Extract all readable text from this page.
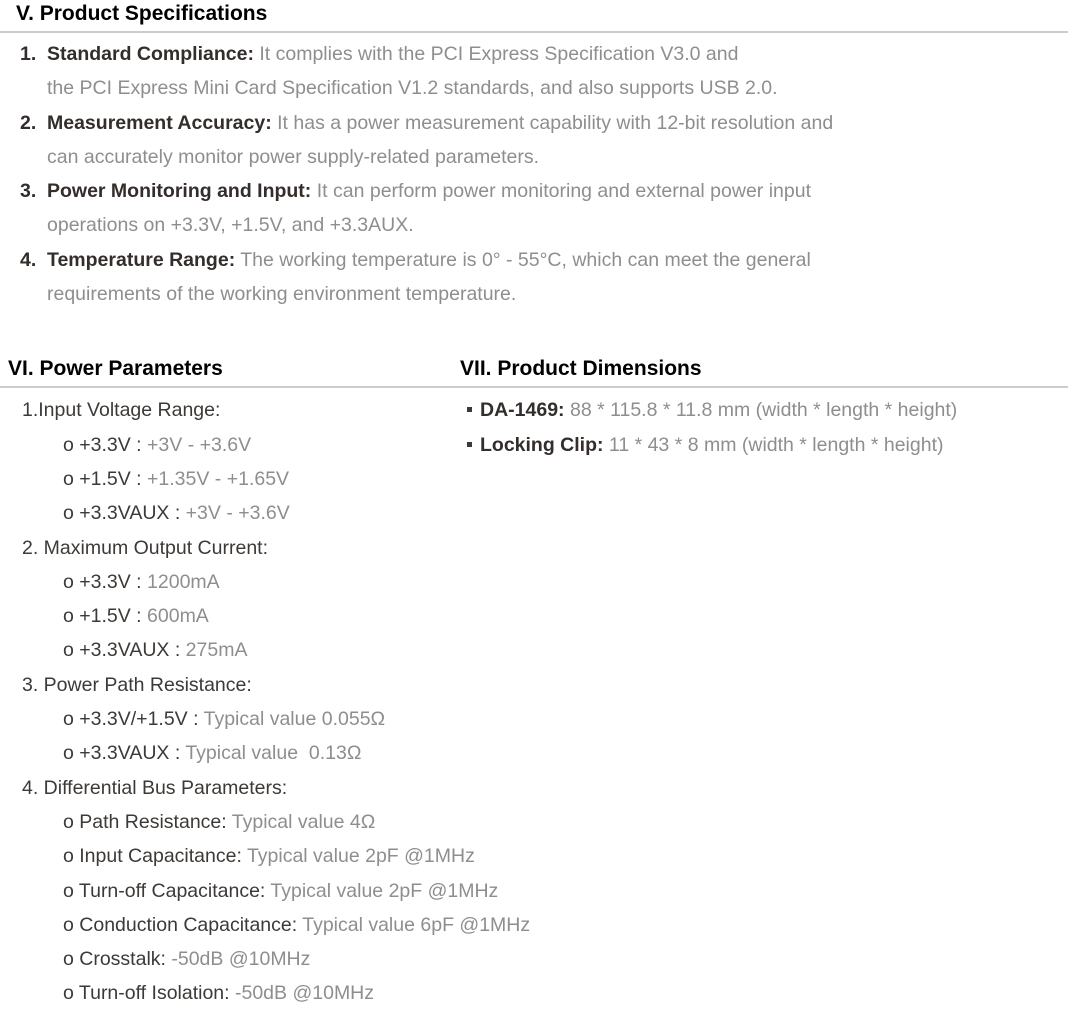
V. Product Specifications
1. Standard Compliance: It complies with the PCI Express Specification V3.0 and
the PCI Express Mini Card Specification V1.2 standards, and also supports USB 2.0.
2. Measurement Accuracy: It has a power measurement capability with 12-bit resolution and
can accurately monitor power supply-related parameters.
3. Power Monitoring and Input: It can perform power monitoring and external power input
operations on +3.3V, +1.5V, and +3.3AUX.
4. Temperature Range: The working temperature is 0° - 55°C, which can meet the general
requirements of the working environment temperature.
VI. Power Parameters	VII. Product Dimensions
1.Input Voltage Range:
o +3.3V : +3V - +3.6V
o +1.5V : +1.35V - +1.65V
o +3.3VAUX : +3V - +3.6V
2. Maximum Output Current:
o +3.3V : 1200mA
o +1.5V : 600mA
o +3.3VAUX : 275mA
3. Power Path Resistance:
o +3.3V/+1.5V : Typical value 0.055Ω
o +3.3VAUX : Typical value  0.13Ω
4. Differential Bus Parameters:
o Path Resistance: Typical value 4Ω
o Input Capacitance: Typical value 2pF @1MHz
o Turn-off Capacitance: Typical value 2pF @1MHz
o Conduction Capacitance: Typical value 6pF @1MHz
o Crosstalk: -50dB @10MHz
o Turn-off Isolation: -50dB @10MHz
DA-1469: 88 * 115.8 * 11.8 mm (width * length * height)
Locking Clip: 11 * 43 * 8 mm (width * length * height)
